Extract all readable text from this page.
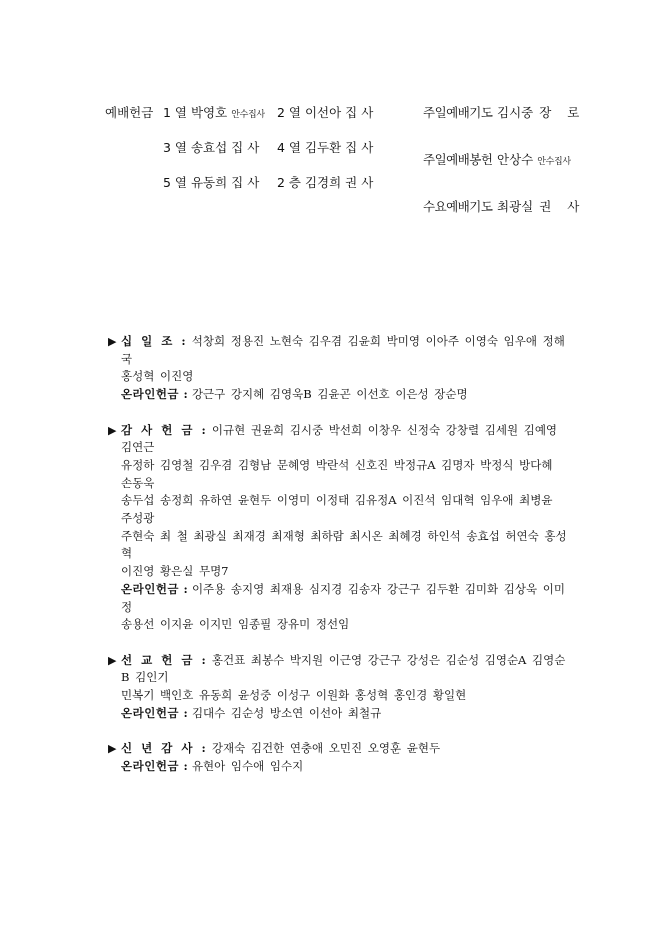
예배헌금 1 열 박영호 안수집사 2 열 이선아 집 사
3 열 송효섭 집 사 4 열 김두환 집 사
5 열 유동희 집 사 2 층 김경희 권 사
주일예배기도 김시중 장 로
주일예배봉헌 안상수 안수집사
수요예배기도 최광실 권 사
▶ 십 일 조 : 석창희 정용진 노현숙 김우겸 김윤희 박미영 이아주 이영숙 임우애 정해국
홍성혁 이진영
온라인헌금 : 강근구 강지혜 김영욱B 김윤곤 이선호 이은성 장순명
▶ 감 사 헌 금 : 이규현 권윤희 김시중 박선희 이창우 신정숙 강창렬 김세원 김예영 김연근
유정하 김영철 김우겸 김형남 문혜영 박란석 신호진 박정규A 김명자 박정식 방다혜 손동욱
송두섭 송정희 유하연 윤현두 이영미 이정태 김유정A 이진석 임대혁 임우애 최병윤 주성광
주현숙 최 철 최광실 최재경 최재형 최하람 최시온 최혜경 하인석 송효섭 허연숙 홍성혁
이진영 황은실 무명7
온라인헌금 : 이주용 송지영 최재용 심지경 김송자 강근구 김두환 김미화 김상욱 이미정
송용선 이지윤 이지민 임종필 장유미 정선임
▶ 선 교 헌 금 : 홍건표 최봉수 박지원 이근영 강근구 강성은 김순성 김영순A 김영순B 김인기
민복기 백인호 유동희 윤성중 이성구 이원화 홍성혁 홍인경 황일현
온라인헌금 : 김대수 김순성 방소연 이선아 최철규
▶ 신 년 감 사 : 강재숙 김건한 연충애 오민진 오영훈 윤현두
온라인헌금 : 유현아 임수애 임수지
